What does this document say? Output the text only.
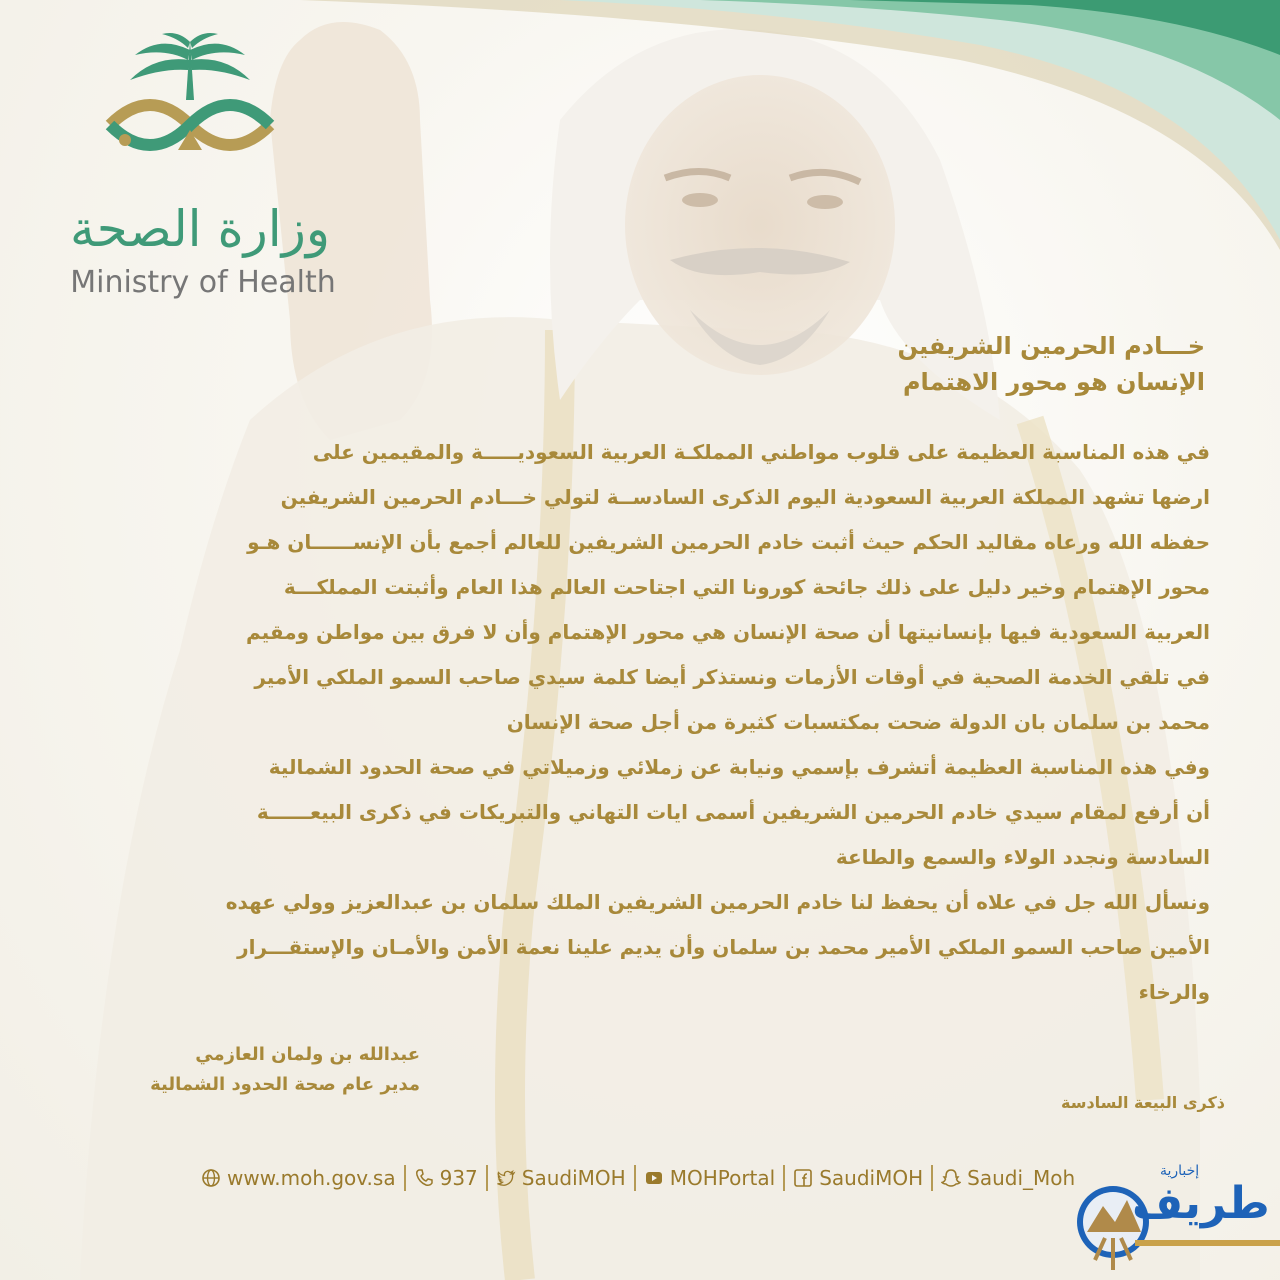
وزارة الصحة
Ministry of Health
خـــادم الحرمين الشريفين
الإنسان هو محور الاهتمام
في هذه المناسبة العظيمة على قلوب مواطني المملكـة العربية السعوديـــــة والمقيمين على
ارضها تشهد المملكة العربية السعودية اليوم الذكرى السادســة لتولي خـــادم الحرمين الشريفين
حفظه الله ورعاه مقاليد الحكم حيث أثبت خادم الحرمين الشريفين للعالم أجمع بأن الإنســــــان هـو
محور الإهتمام وخير دليل على ذلك جائحة كورونا التي اجتاحت العالم هذا العام وأثبتت المملكـــة
العربية السعودية فيها بإنسانيتها أن صحة الإنسان هي محور الإهتمام وأن لا فرق بين مواطن ومقيم
في تلقي الخدمة الصحية في أوقات الأزمات ونستذكر أيضا كلمة سيدي صاحب السمو الملكي الأمير
محمد بن سلمان بان الدولة ضحت بمكتسبات كثيرة من أجل صحة الإنسان
وفي هذه المناسبة العظيمة أتشرف بإسمي ونيابة عن زملائي وزميلاتي في صحة الحدود الشمالية
أن أرفع لمقام سيدي خادم الحرمين الشريفين أسمى ايات التهاني والتبريكات في ذكرى البيعــــــة
السادسة ونجدد الولاء والسمع والطاعة
ونسأل الله جل في علاه أن يحفظ لنا خادم الحرمين الشريفين الملك سلمان بن عبدالعزيز وولي عهده
الأمين صاحب السمو الملكي الأمير محمد بن سلمان وأن يديم علينا نعمة الأمن والأمـان والإستقـــرار
والرخاء
عبدالله بن ولمان العازمي
مدير عام صحة الحدود الشمالية
ذكرى البيعة السادسة
www.moh.gov.sa 937 SaudiMOH MOHPortal SaudiMOH Saudi_Moh	إخبارية
طريف
